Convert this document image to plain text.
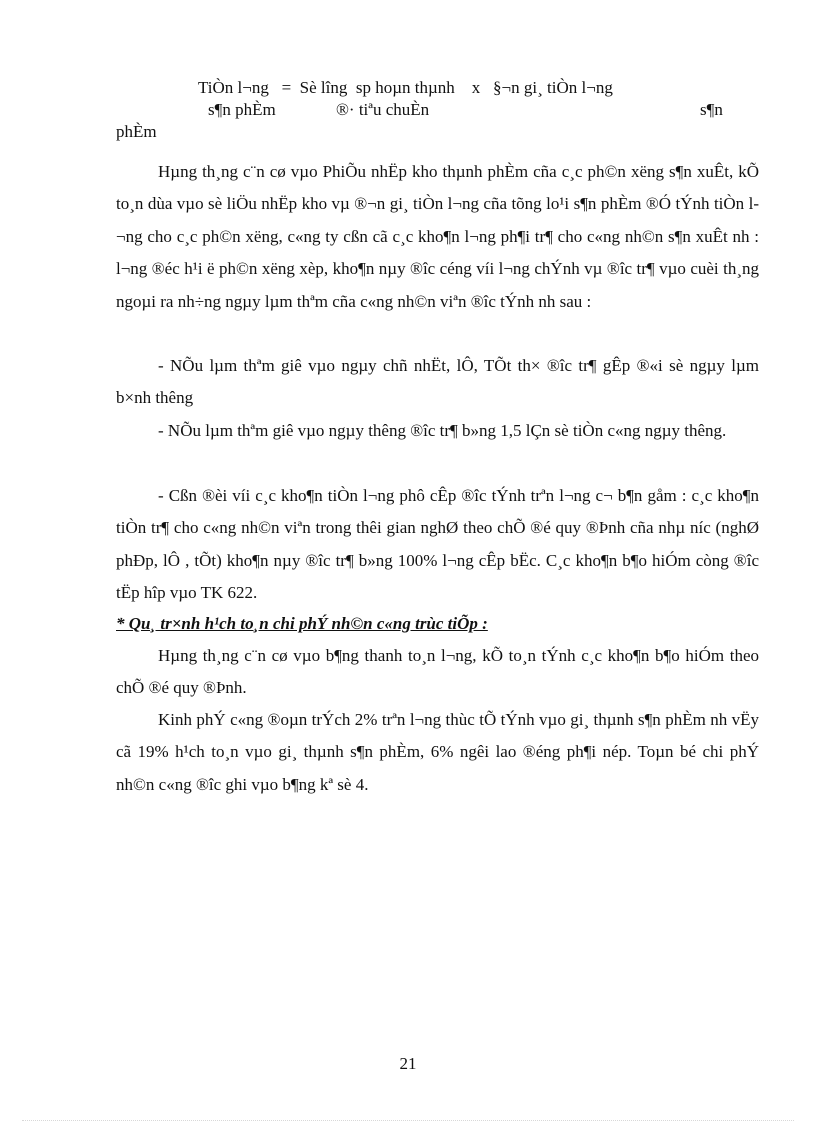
TiÒn l¬ng   =  Sè lîng  sp hoµn thµnh    x   §¬n gi¸ tiÒn l¬ng
s¶n phÈm	®· tiªu chuÈn	s¶n
phÈm

Hµng th¸ng c¨n cø vµo PhiÕu nhËp kho thµnh phÈm cña c¸c ph©n xëng s¶n xuÊt, kÕ to¸n dùa vµo sè liÖu nhËp kho vµ ®¬n gi¸ tiÒn l¬ng cña tõng lo¹i s¶n phÈm ®Ó tÝnh tiÒn l¬ng cho c¸c ph©n xëng, c«ng ty cßn cã c¸c kho¶n l¬ng ph¶i tr¶ cho c«ng nh©n s¶n xuÊt nh : l¬ng ®éc h¹i ë ph©n xëng xèp, kho¶n nµy ®îc céng víi l¬ng chÝnh vµ ®îc tr¶ vµo cuèi th¸ng ngoµi ra nh÷ng ngµy lµm thªm cña c«ng nh©n viªn ®îc tÝnh nh sau :

- NÕu lµm thªm giê vµo ngµy chñ nhËt, lÔ, TÕt th× ®îc tr¶ gÊp ®«i sè ngµy lµm b×nh thêng

- NÕu lµm thªm giê vµo ngµy thêng ®îc tr¶ b»ng 1,5 lÇn sè tiÒn c«ng ngµy thêng.

- Cßn ®èi víi c¸c kho¶n tiÒn l¬ng phô cÊp ®îc tÝnh trªn l¬ng c¬ b¶n gåm : c¸c kho¶n tiÒn tr¶ cho c«ng nh©n viªn trong thêi gian nghØ theo chÕ ®é quy ®Þnh cña nhµ níc (nghØ phÐp, lÔ , tÕt) kho¶n nµy ®îc tr¶ b»ng 100% l¬ng cÊp bËc. C¸c kho¶n b¶o hiÓm còng ®îc tËp hîp vµo TK 622.

* Qu¸ tr×nh h¹ch to¸n chi phÝ nh©n c«ng trùc tiÕp :

Hµng th¸ng c¨n cø vµo b¶ng thanh to¸n l¬ng, kÕ to¸n tÝnh c¸c kho¶n b¶o hiÓm theo chÕ ®é quy ®Þnh.

Kinh phÝ c«ng ®oµn trÝch 2% trªn l¬ng thùc tÕ tÝnh vµo gi¸ thµnh s¶n phÈm nh vËy cã 19% h¹ch to¸n vµo gi¸ thµnh s¶n phÈm, 6% ngêi lao ®éng ph¶i nép. Toµn bé chi phÝ nh©n c«ng ®îc ghi vµo b¶ng kª sè 4.

21
